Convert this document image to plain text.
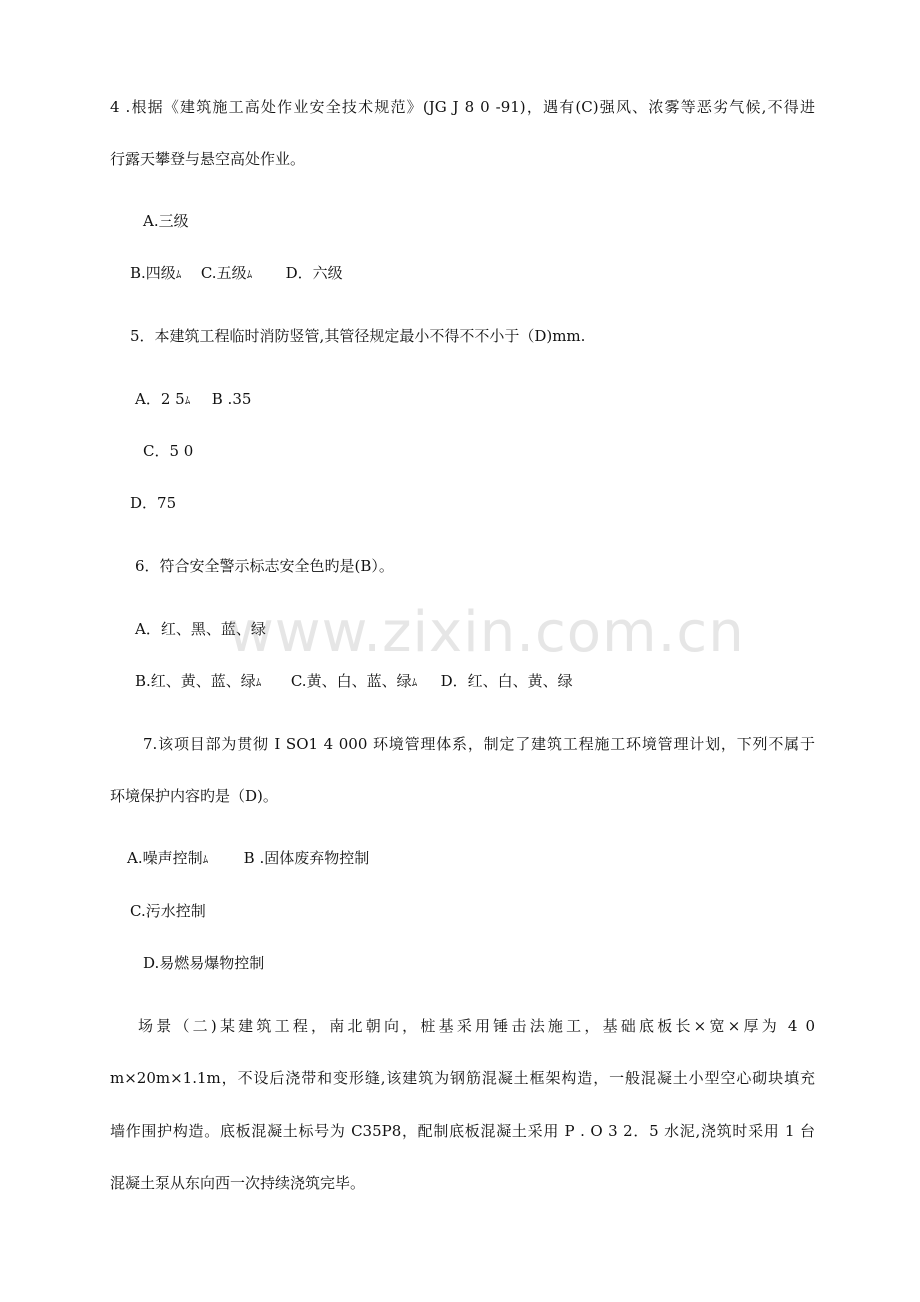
www.zixin.com.cn
4 .根据《建筑施工高处作业安全技术规范》(JG J 8 0 -91)，遇有(C)强风、浓雾等恶劣气候,不得进
行露天攀登与悬空高处作业。
A.三级
B.四级ﾑ C.五级ﾑ D．六级
5．本建筑工程临时消防竖管,其管径规定最小不得不不小于（D)mm.
A．2 5ﾑ B .35
C．5 0
D．75
6．符合安全警示标志安全色旳是(B）。
A．红、黑、蓝、绿
B.红、黄、蓝、绿ﾑ C.黄、白、蓝、绿ﾑ D．红、白、黄、绿
7.该项目部为贯彻 I SO1 4 000 环境管理体系，制定了建筑工程施工环境管理计划，下列不属于
环境保护内容旳是（D)。
A.噪声控制ﾑ B .固体废弃物控制
C.污水控制
D.易燃易爆物控制
场景（二)某建筑工程，南北朝向，桩基采用锤击法施工，基础底板长×宽×厚为 4 0
m×20m×1.1m，不设后浇带和变形缝,该建筑为钢筋混凝土框架构造，一般混凝土小型空心砌块填充
墙作围护构造。底板混凝土标号为 C35P8，配制底板混凝土采用 P . O 3 2．5 水泥,浇筑时采用 1 台
混凝土泵从东向西一次持续浇筑完毕。
